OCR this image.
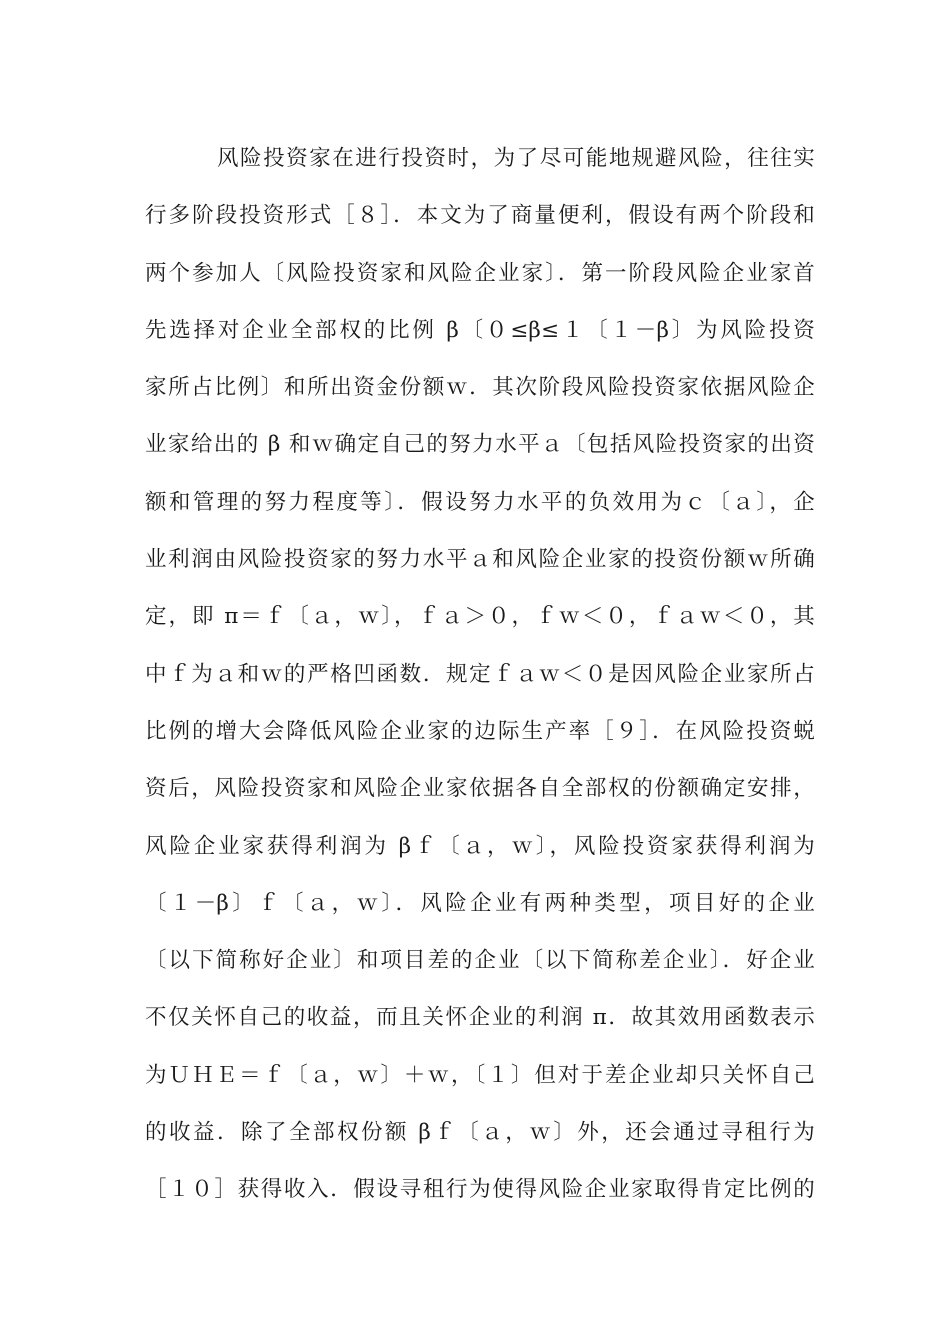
风险投资家在进行投资时，为了尽可能地规避风险，往往实
行多阶段投资形式［８］．本文为了商量便利，假设有两个阶段和
两个参加人〔风险投资家和风险企业家〕．第一阶段风险企业家首
先选择对企业全部权的比例 β〔０≤β≤１〔１－β〕为风险投资
家所占比例〕和所出资金份额ｗ．其次阶段风险投资家依据风险企
业家给出的 β 和ｗ确定自己的努力水平ａ〔包括风险投资家的出资
额和管理的努力程度等〕．假设努力水平的负效用为ｃ〔ａ〕，企
业利润由风险投资家的努力水平ａ和风险企业家的投资份额ｗ所确
定，即 π＝ｆ〔ａ，ｗ〕，ｆａ＞０，ｆｗ＜０，ｆａｗ＜０，其
中ｆ为ａ和ｗ的严格凹函数．规定ｆａｗ＜０是因风险企业家所占
比例的增大会降低风险企业家的边际生产率［９］．在风险投资蜕
资后，风险投资家和风险企业家依据各自全部权的份额确定安排，
风险企业家获得利润为 βｆ〔ａ，ｗ〕，风险投资家获得利润为
〔１－β〕ｆ〔ａ，ｗ〕．风险企业有两种类型，项目好的企业
〔以下简称好企业〕和项目差的企业〔以下简称差企业〕．好企业
不仅关怀自己的收益，而且关怀企业的利润 π．故其效用函数表示
为ＵＨＥ＝ｆ〔ａ，ｗ〕＋ｗ，〔１〕但对于差企业却只关怀自己
的收益．除了全部权份额 βｆ〔ａ，ｗ〕外，还会通过寻租行为
［１０］获得收入．假设寻租行为使得风险企业家取得肯定比例的
